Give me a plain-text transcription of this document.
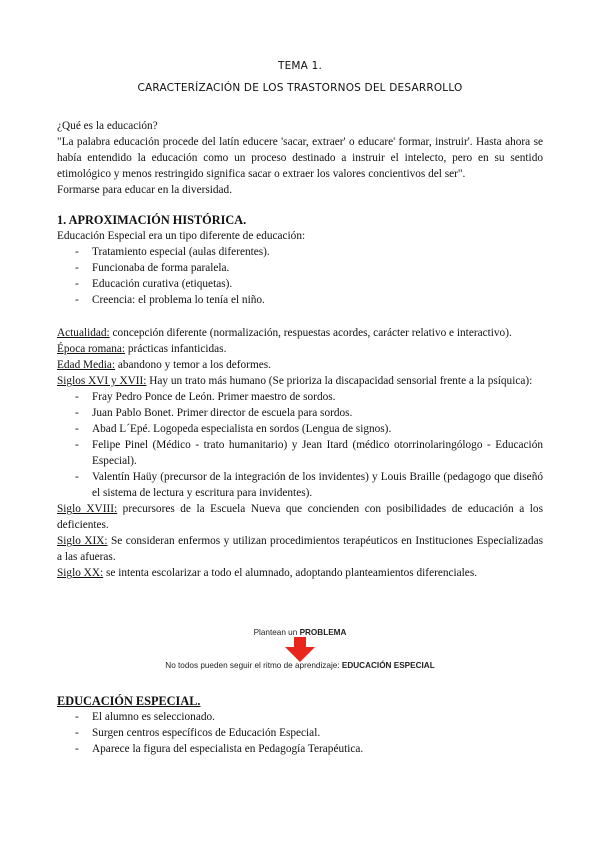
TEMA 1.
CARACTERÍZACIÓN DE LOS TRASTORNOS DEL DESARROLLO
¿Qué es la educación?
"La palabra educación procede del latín educere 'sacar, extraer' o educare' formar, instruir'. Hasta ahora se había entendido la educación como un proceso destinado a instruir el intelecto, pero en su sentido etimológico y menos restringido significa sacar o extraer los valores concientivos del ser".
Formarse para educar en la diversidad.
1. APROXIMACIÓN HISTÓRICA.
Educación Especial era un tipo diferente de educación:
- Tratamiento especial (aulas diferentes).
- Funcionaba de forma paralela.
- Educación curativa (etiquetas).
- Creencia: el problema lo tenía el niño.
Actualidad: concepción diferente (normalización, respuestas acordes, carácter relativo e interactivo).
Época romana: prácticas infanticidas.
Edad Media: abandono y temor a los deformes.
Siglos XVI y XVII: Hay un trato más humano (Se prioriza la discapacidad sensorial frente a la psíquica):
- Fray Pedro Ponce de León. Primer maestro de sordos.
- Juan Pablo Bonet. Primer director de escuela para sordos.
- Abad L´Epé. Logopeda especialista en sordos (Lengua de signos).
- Felipe Pinel (Médico - trato humanitario) y Jean Itard (médico otorrinolaringólogo - Educación Especial).
- Valentín Haüy (precursor de la integración de los invidentes) y Louis Braille (pedagogo que diseñó el sistema de lectura y escritura para invidentes).
Siglo XVIII: precursores de la Escuela Nueva que concienden con posibilidades de educación a los deficientes.
Siglo XIX: Se consideran enfermos y utilizan procedimientos terapéuticos en Instituciones Especializadas a las afueras.
Siglo XX: se intenta escolarizar a todo el alumnado, adoptando planteamientos diferenciales.
Plantean un PROBLEMA
No todos pueden seguir el ritmo de aprendizaje: EDUCACIÓN ESPECIAL
EDUCACIÓN ESPECIAL.
- El alumno es seleccionado.
- Surgen centros específicos de Educación Especial.
- Aparece la figura del especialista en Pedagogía Terapéutica.
